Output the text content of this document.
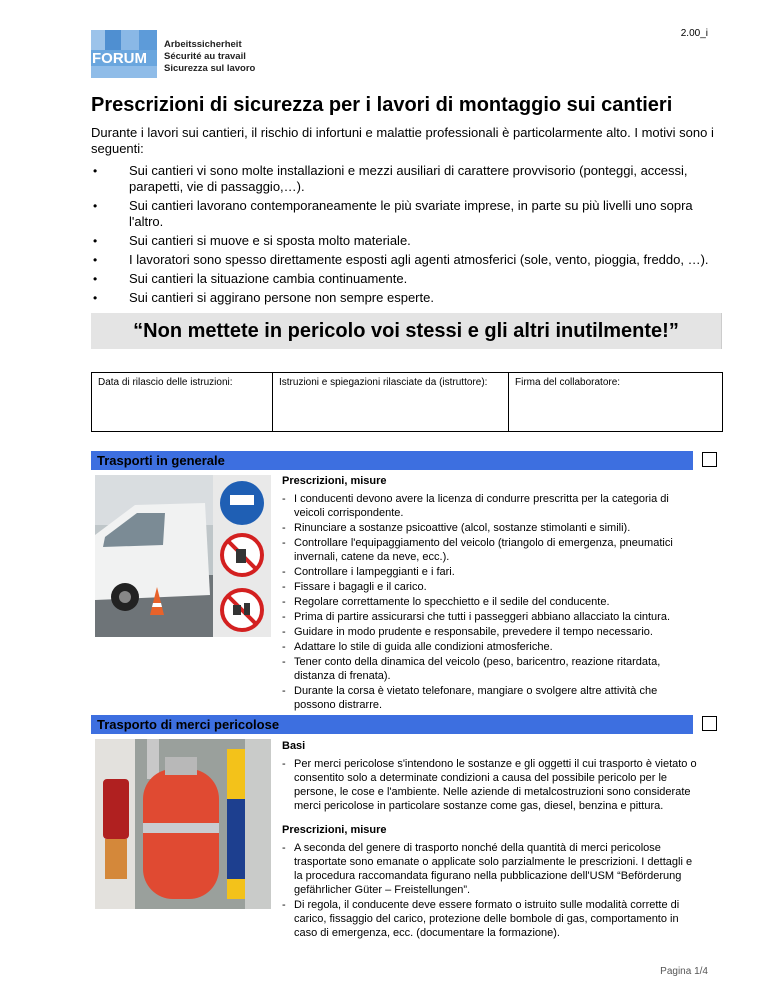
2.00_i
FORUM
Arbeitssicherheit
Sécurité au travail
Sicurezza sul lavoro
Prescrizioni di sicurezza per i lavori di montaggio sui cantieri

Durante i lavori sui cantieri, il rischio di infortuni e malattie professionali è particolarmente alto. I motivi sono i seguenti:

• Sui cantieri vi sono molte installazioni e mezzi ausiliari di carattere provvisorio (ponteggi, accessi, parapetti, vie di passaggio,…).
• Sui cantieri lavorano contemporaneamente le più svariate imprese, in parte su più livelli uno sopra l'altro.
• Sui cantieri si muove e si sposta molto materiale.
• I lavoratori sono spesso direttamente esposti agli agenti atmosferici (sole, vento, pioggia, freddo, …).
• Sui cantieri la situazione cambia continuamente.
• Sui cantieri si aggirano persone non sempre esperte.
“Non mettete in pericolo voi stessi e gli altri inutilmente!”
Data di rilascio delle istruzioni:	Istruzioni e spiegazioni rilasciate da (istruttore):	Firma del collaboratore:
Trasporti in generale
Prescrizioni, misure
- I conducenti devono avere la licenza di condurre prescritta per la categoria di veicoli corrispondente.
- Rinunciare a sostanze psicoattive (alcol, sostanze stimolanti e simili).
- Controllare l'equipaggiamento del veicolo (triangolo di emergenza, pneumatici invernali, catene da neve, ecc.).
- Controllare i lampeggianti e i fari.
- Fissare i bagagli e il carico.
- Regolare correttamente lo specchietto e il sedile del conducente.
- Prima di partire assicurarsi che tutti i passeggeri abbiano allacciato la cintura.
- Guidare in modo prudente e responsabile, prevedere il tempo necessario.
- Adattare lo stile di guida alle condizioni atmosferiche.
- Tener conto della dinamica del veicolo (peso, baricentro, reazione ritardata, distanza di frenata).
- Durante la corsa è vietato telefonare, mangiare o svolgere altre attività che possono distrarre.
Trasporto di merci pericolose
Basi
- Per merci pericolose s'intendono le sostanze e gli oggetti il cui trasporto è vietato o consentito solo a determinate condizioni a causa del possibile pericolo per le persone, le cose e l'ambiente. Nelle aziende di metalcostruzioni sono considerate merci pericolose in particolare sostanze come gas, diesel, benzina e pittura.
Prescrizioni, misure
- A seconda del genere di trasporto nonché della quantità di merci pericolose trasportate sono emanate o applicate solo parzialmente le prescrizioni. I dettagli e la procedura raccomandata figurano nella pubblicazione dell'USM “Beförderung gefährlicher Güter – Freistellungen”.
- Di regola, il conducente deve essere formato o istruito sulle modalità corrette di carico, fissaggio del carico, protezione delle bombole di gas, comportamento in caso di emergenza, ecc. (documentare la formazione).
Pagina 1/4
